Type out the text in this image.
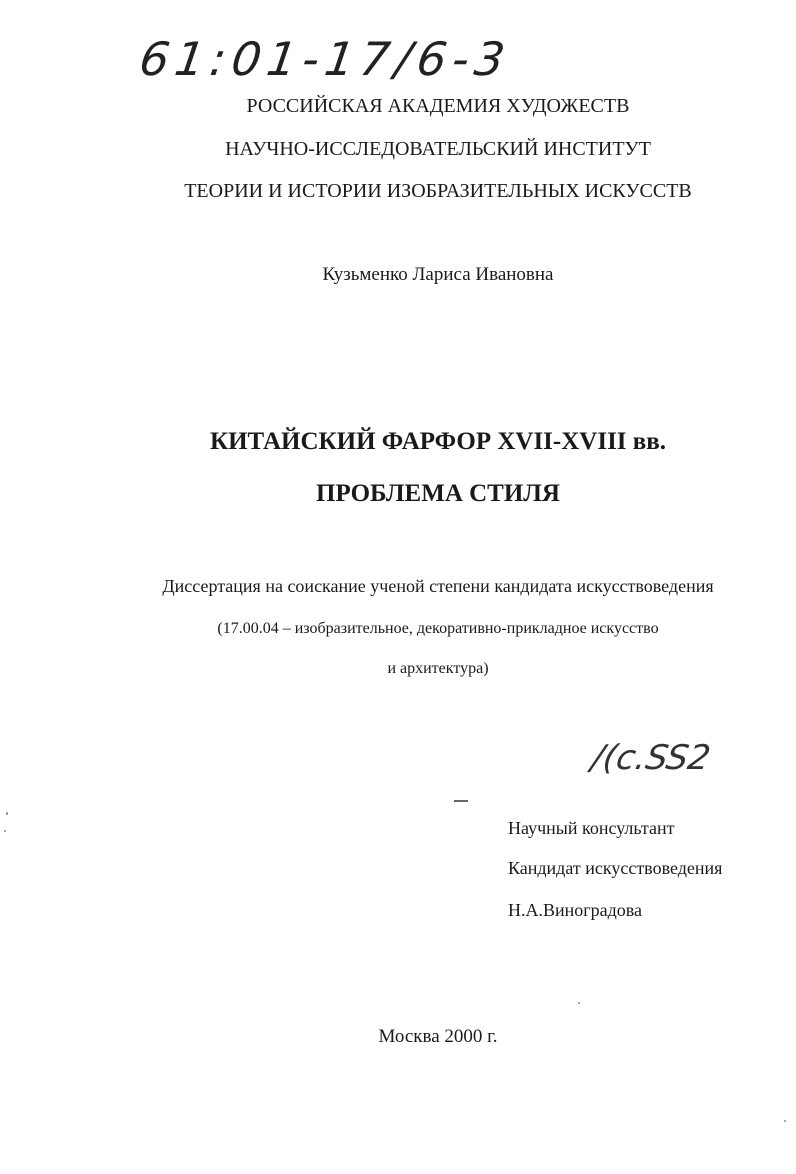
61:01-17/6-3
РОССИЙСКАЯ АКАДЕМИЯ ХУДОЖЕСТВ
НАУЧНО-ИССЛЕДОВАТЕЛЬСКИЙ ИНСТИТУТ
ТЕОРИИ И ИСТОРИИ ИЗОБРАЗИТЕЛЬНЫХ ИСКУССТВ
Кузьменко Лариса Ивановна
КИТАЙСКИЙ ФАРФОР XVII-XVIII вв.
ПРОБЛЕМА СТИЛЯ
Диссертация на соискание ученой степени кандидата искусствоведения
(17.00.04 – изобразительное, декоративно-прикладное искусство
и архитектура)
/(c.SS2
Научный консультант
Кандидат искусствоведения
Н.А.Виноградова
Москва 2000 г.
